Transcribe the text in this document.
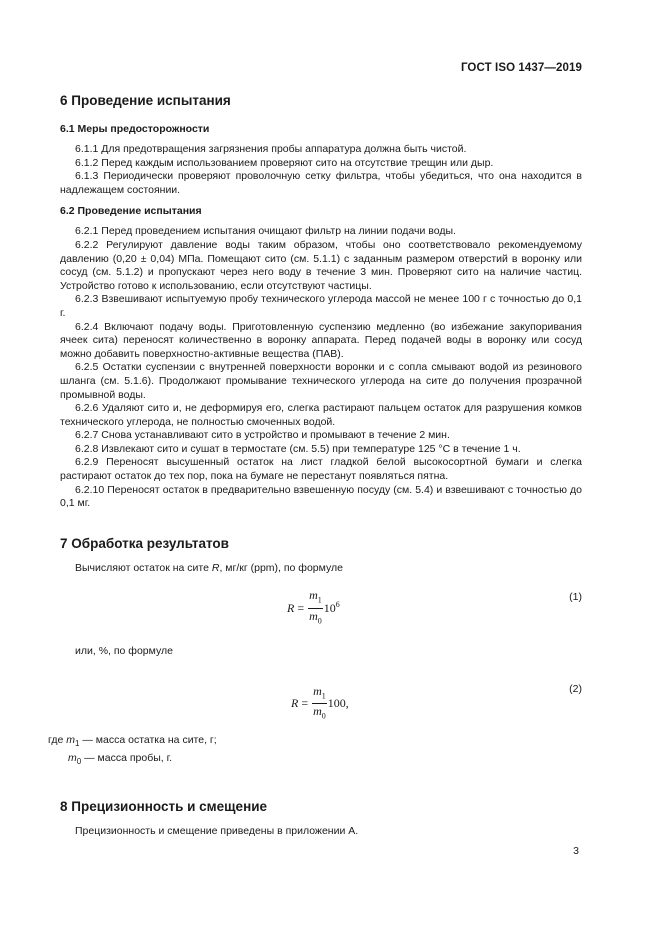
ГОСТ ISO 1437—2019
6 Проведение испытания
6.1 Меры предосторожности

6.1.1 Для предотвращения загрязнения пробы аппаратура должна быть чистой.

6.1.2 Перед каждым использованием проверяют сито на отсутствие трещин или дыр.

6.1.3 Периодически проверяют проволочную сетку фильтра, чтобы убедиться, что она находится в надлежащем состоянии.

6.2 Проведение испытания

6.2.1 Перед проведением испытания очищают фильтр на линии подачи воды.

6.2.2 Регулируют давление воды таким образом, чтобы оно соответствовало рекомендуемому давлению (0,20 ± 0,04) МПа. Помещают сито (см. 5.1.1) с заданным размером отверстий в воронку или сосуд (см. 5.1.2) и пропускают через него воду в течение 3 мин. Проверяют сито на наличие частиц. Устройство готово к использованию, если отсутствуют частицы.

6.2.3 Взвешивают испытуемую пробу технического углерода массой не менее 100 г с точностью до 0,1 г.

6.2.4 Включают подачу воды. Приготовленную суспензию медленно (во избежание закупоривания ячеек сита) переносят количественно в воронку аппарата. Перед подачей воды в воронку или сосуд можно добавить поверхностно-активные вещества (ПАВ).

6.2.5 Остатки суспензии с внутренней поверхности воронки и с сопла смывают водой из резинового шланга (см. 5.1.6). Продолжают промывание технического углерода на сите до получения прозрачной промывной воды.

6.2.6 Удаляют сито и, не деформируя его, слегка растирают пальцем остаток для разрушения комков технического углерода, не полностью смоченных водой.

6.2.7 Снова устанавливают сито в устройство и промывают в течение 2 мин.

6.2.8 Извлекают сито и сушат в термостате (см. 5.5) при температуре 125 °С в течение 1 ч.

6.2.9 Переносят высушенный остаток на лист гладкой белой высокосортной бумаги и слегка растирают остаток до тех пор, пока на бумаге не перестанут появляться пятна.

6.2.10 Переносят остаток в предварительно взвешенную посуду (см. 5.4) и взвешивают с точностью до 0,1 мг.

7 Обработка результатов

Вычисляют остаток на сите R, мг/кг (ppm), по формуле

$R = \frac{m_1}{m_0} 10^6$
(1)

или, %, по формуле

$R = \frac{m_1}{m_0} 100$,
(2)

где $m_1$ — масса остатка на сите, г;

$m_0$ — масса пробы, г.

8 Прецизионность и смещение

Прецизионность и смещение приведены в приложении А.

3
